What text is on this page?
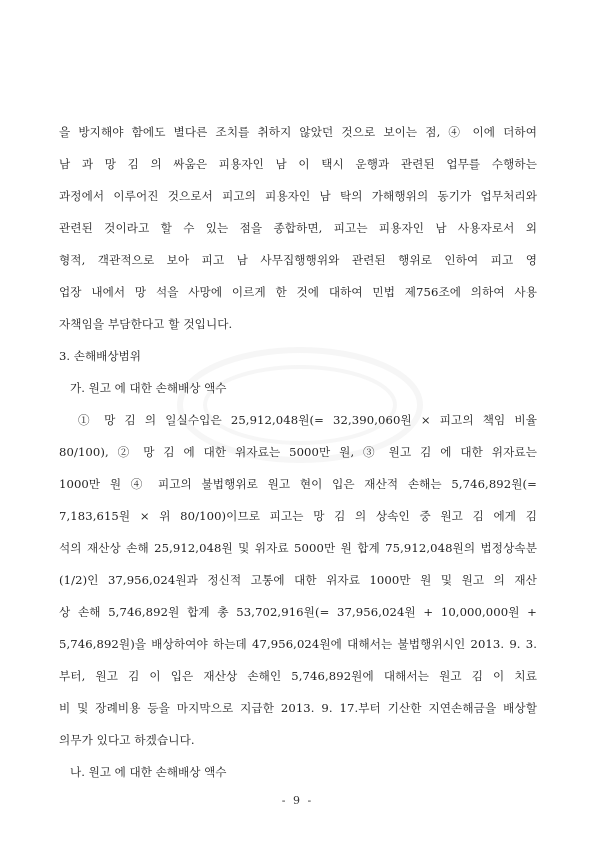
을 방지해야 함에도 별다른 조치를 취하지 않았던 것으로 보이는 점, ④ 이에 더하여
남 과 망 김 의 싸움은 피용자인 남 이 택시 운행과 관련된 업무를 수행하는
과정에서 이루어진 것으로서 피고의 피용자인 남 탁의 가해행위의 동기가 업무처리와
관련된 것이라고 할 수 있는 점을 종합하면, 피고는 피용자인 남 사용자로서 외
형적, 객관적으로 보아 피고 남 사무집행행위와 관련된 행위로 인하여 피고 영
업장 내에서 망 석을 사망에 이르게 한 것에 대하여 민법 제756조에 의하여 사용
자책임을 부담한다고 할 것입니다.
3. 손해배상범위
가. 원고 에 대한 손해배상 액수
① 망 김 의 일실수입은 25,912,048원(= 32,390,060원 × 피고의 책임 비율
80/100), ② 망 김 에 대한 위자료는 5000만 원, ③ 원고 김 에 대한 위자료는
1000만 원 ④ 피고의 불법행위로 원고 현이 입은 재산적 손해는 5,746,892원(=
7,183,615원 × 위 80/100)이므로 피고는 망 김 의 상속인 중 원고 김 에게 김
석의 재산상 손해 25,912,048원 및 위자료 5000만 원 합계 75,912,048원의 법정상속분
(1/2)인 37,956,024원과 정신적 고통에 대한 위자료 1000만 원 및 원고 의 재산
상 손해 5,746,892원 합계 총 53,702,916원(= 37,956,024원 + 10,000,000원 +
5,746,892원)을 배상하여야 하는데 47,956,024원에 대해서는 불법행위시인 2013. 9. 3.
부터, 원고 김 이 입은 재산상 손해인 5,746,892원에 대해서는 원고 김 이 치료
비 및 장례비용 등을 마지막으로 지급한 2013. 9. 17.부터 기산한 지연손해금을 배상할
의무가 있다고 하겠습니다.
나. 원고 에 대한 손해배상 액수
- 9 -
